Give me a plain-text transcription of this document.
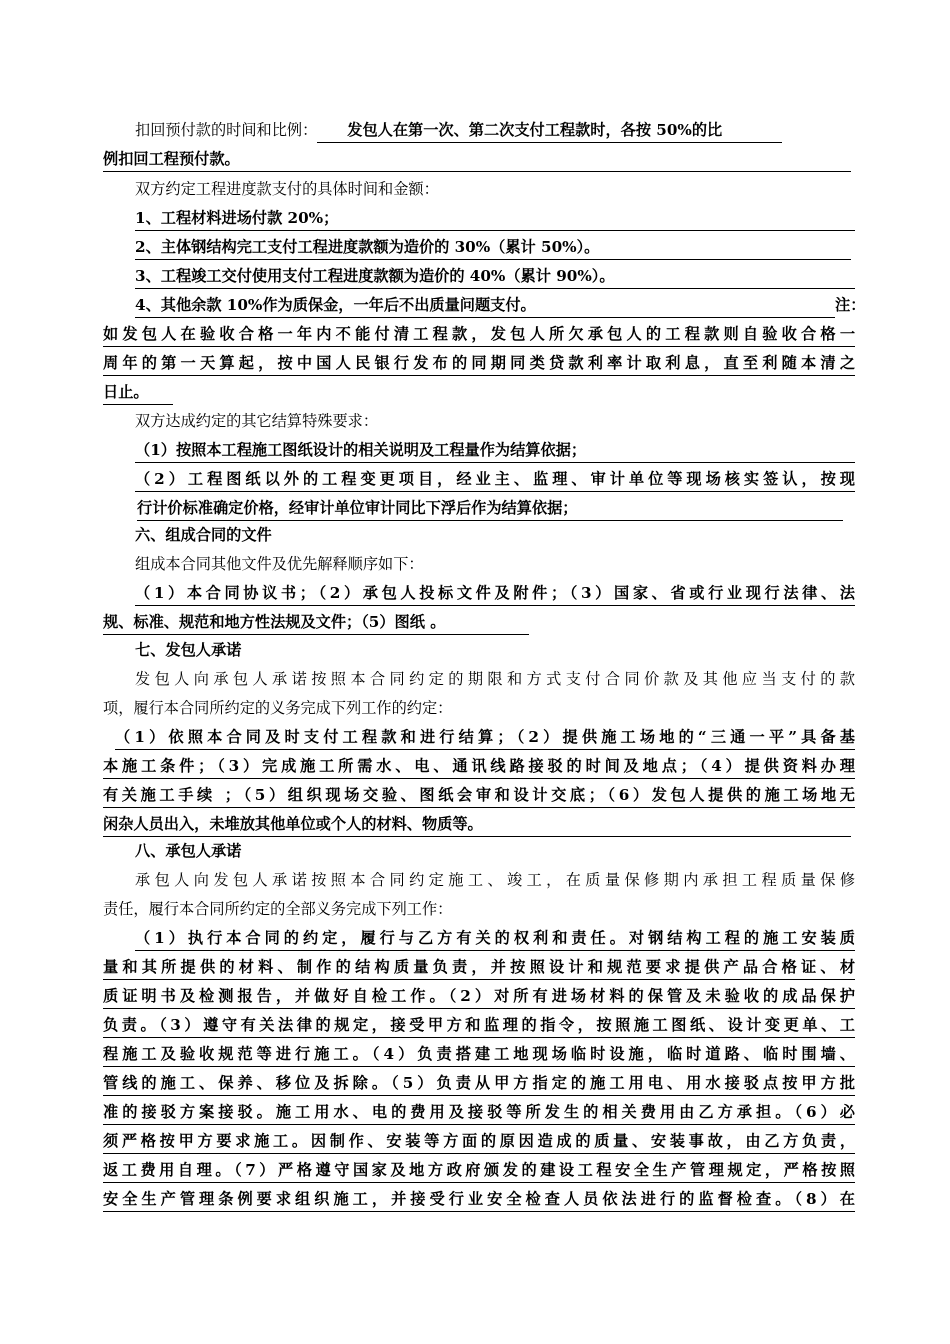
扣回预付款的时间和比例： 发包人在第一次、第二次支付工程款时，各按 50%的比
例扣回工程预付款。
双方约定工程进度款支付的具体时间和金额：
1、工程材料进场付款 20%；
2、主体钢结构完工支付工程进度款额为造价的 30%（累计 50%）。
3、工程竣工交付使用支付工程进度款额为造价的 40%（累计 90%）。
4、其他余款 10%作为质保金，一年后不出质量问题支付。	注：
如发包人在验收合格一年内不能付清工程款，发包人所欠承包人的工程款则自验收合格一
周年的第一天算起，按中国人民银行发布的同期同类贷款利率计取利息，直至利随本清之
日止。
双方达成约定的其它结算特殊要求：
（1）按照本工程施工图纸设计的相关说明及工程量作为结算依据；
（2）工程图纸以外的工程变更项目，经业主、监理、审计单位等现场核实签认，按现
行计价标准确定价格，经审计单位审计同比下浮后作为结算依据；
六、组成合同的文件
组成本合同其他文件及优先解释顺序如下：
（1）本合同协议书；（2）承包人投标文件及附件；（3）国家、省或行业现行法律、法
规、标准、规范和地方性法规及文件；（5）图纸 。
七、发包人承诺
发包人向承包人承诺按照本合同约定的期限和方式支付合同价款及其他应当支付的款
项，履行本合同所约定的义务完成下列工作的约定：
（1）依照本合同及时支付工程款和进行结算；（2）提供施工场地的“三通一平”具备基
本施工条件；（3）完成施工所需水、电、通讯线路接驳的时间及地点；（4）提供资料办理
有关施工手续 ；（5）组织现场交验、图纸会审和设计交底；（6）发包人提供的施工场地无
闲杂人员出入，未堆放其他单位或个人的材料、物质等。
八、承包人承诺
承包人向发包人承诺按照本合同约定施工、竣工，在质量保修期内承担工程质量保修
责任，履行本合同所约定的全部义务完成下列工作：
（1）执行本合同的约定，履行与乙方有关的权利和责任。对钢结构工程的施工安装质
量和其所提供的材料、制作的结构质量负责，并按照设计和规范要求提供产品合格证、材
质证明书及检测报告，并做好自检工作。（2）对所有进场材料的保管及未验收的成品保护
负责。（3）遵守有关法律的规定，接受甲方和监理的指令，按照施工图纸、设计变更单、工
程施工及验收规范等进行施工。（4）负责搭建工地现场临时设施，临时道路、临时围墙、
管线的施工、保养、移位及拆除。（5）负责从甲方指定的施工用电、用水接驳点按甲方批
准的接驳方案接驳。施工用水、电的费用及接驳等所发生的相关费用由乙方承担。（6）必
须严格按甲方要求施工。因制作、安装等方面的原因造成的质量、安装事故，由乙方负责，
返工费用自理。（7）严格遵守国家及地方政府颁发的建设工程安全生产管理规定，严格按照
安全生产管理条例要求组织施工，并接受行业安全检查人员依法进行的监督检查。（8）在
